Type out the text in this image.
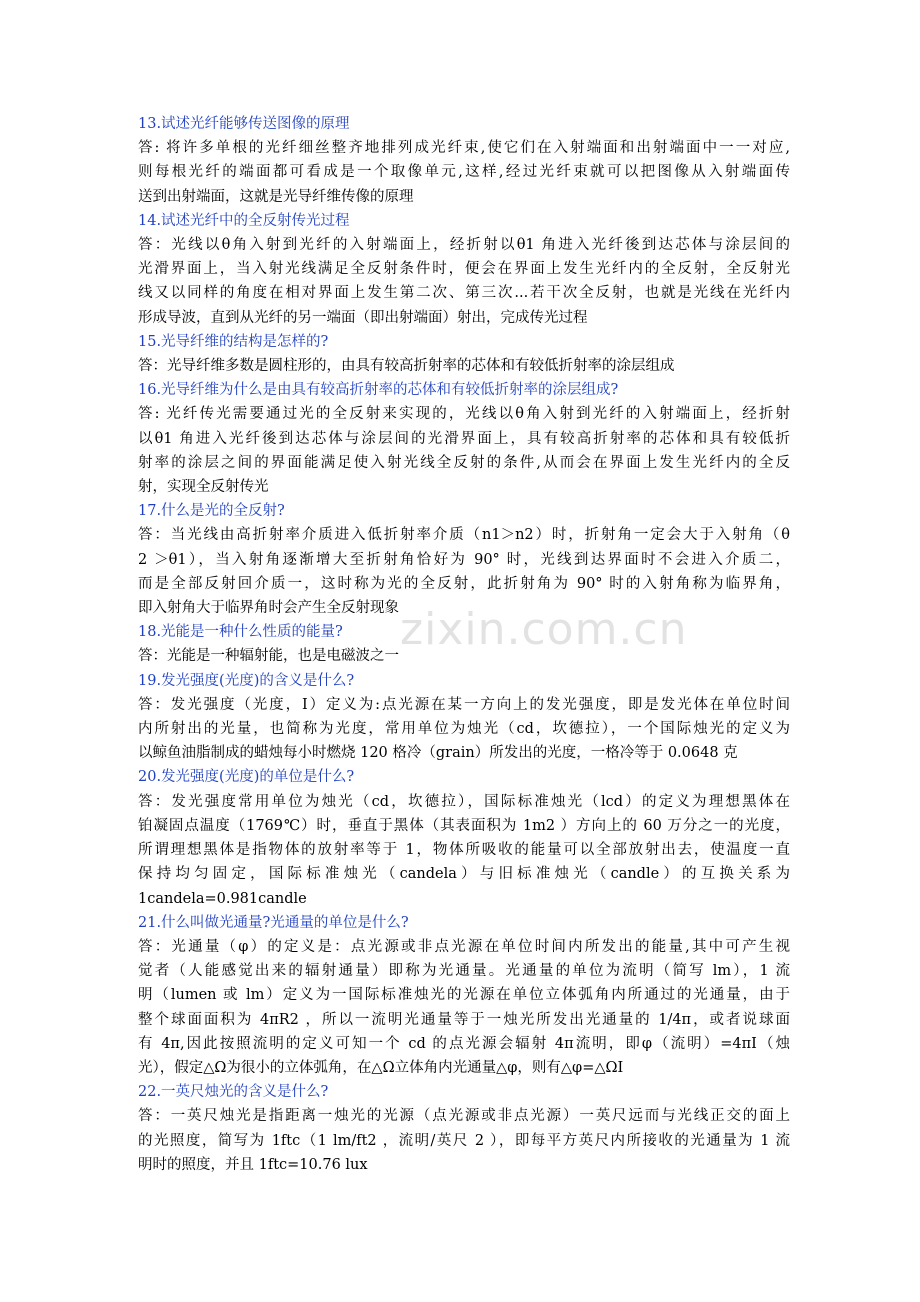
13.试述光纤能够传送图像的原理
答: 将许多单根的光纤细丝整齐地排列成光纤束,使它们在入射端面和出射端面中一一对应,
则每根光纤的端面都可看成是一个取像单元,这样,经过光纤束就可以把图像从入射端面传
送到出射端面，这就是光导纤维传像的原理
14.试述光纤中的全反射传光过程
答：光线以θ角入射到光纤的入射端面上，经折射以θ1 角进入光纤後到达芯体与涂层间的
光滑界面上，当入射光线满足全反射条件时，便会在界面上发生光纤内的全反射，全反射光
线又以同样的角度在相对界面上发生第二次、第三次...若干次全反射，也就是光线在光纤内
形成导波，直到从光纤的另一端面（即出射端面）射出，完成传光过程
15.光导纤维的结构是怎样的?
答：光导纤维多数是圆柱形的，由具有较高折射率的芯体和有较低折射率的涂层组成
16.光导纤维为什么是由具有较高折射率的芯体和有较低折射率的涂层组成?
答: 光纤传光需要通过光的全反射来实现的，光线以θ角入射到光纤的入射端面上，经折射
以θ1 角进入光纤後到达芯体与涂层间的光滑界面上，具有较高折射率的芯体和具有较低折
射率的涂层之间的界面能满足使入射光线全反射的条件,从而会在界面上发生光纤内的全反
射，实现全反射传光
17.什么是光的全反射?
答：当光线由高折射率介质进入低折射率介质（n1＞n2）时，折射角一定会大于入射角（θ
2 ＞θ1），当入射角逐渐增大至折射角恰好为 90° 时，光线到达界面时不会进入介质二，
而是全部反射回介质一，这时称为光的全反射，此折射角为 90° 时的入射角称为临界角，
即入射角大于临界角时会产生全反射现象
18.光能是一种什么性质的能量?
答：光能是一种辐射能，也是电磁波之一
19.发光强度(光度)的含义是什么?
答：发光强度（光度，I）定义为:点光源在某一方向上的发光强度，即是发光体在单位时间
内所射出的光量，也简称为光度，常用单位为烛光（cd，坎德拉），一个国际烛光的定义为
以鲸鱼油脂制成的蜡烛每小时燃烧 120 格冷（grain）所发出的光度，一格冷等于 0.0648 克
20.发光强度(光度)的单位是什么?
答：发光强度常用单位为烛光（cd，坎德拉），国际标准烛光（lcd）的定义为理想黑体在
铂凝固点温度（1769℃）时，垂直于黑体（其表面积为 1m2 ）方向上的 60 万分之一的光度，
所谓理想黑体是指物体的放射率等于 1，物体所吸收的能量可以全部放射出去，使温度一直
保持均匀固定，国际标准烛光（candela）与旧标准烛光（candle）的互换关系为
1candela=0.981candle
21.什么叫做光通量?光通量的单位是什么?
答：光通量（φ）的定义是：点光源或非点光源在单位时间内所发出的能量,其中可产生视
觉者（人能感觉出来的辐射通量）即称为光通量。光通量的单位为流明（简写 lm），1 流
明（lumen 或 lm）定义为一国际标准烛光的光源在单位立体弧角内所通过的光通量，由于
整个球面面积为 4πR2 ，所以一流明光通量等于一烛光所发出光通量的 1/4π，或者说球面
有 4π,因此按照流明的定义可知一个 cd 的点光源会辐射 4π流明，即φ（流明）=4πI（烛
光），假定△Ω为很小的立体弧角，在△Ω立体角内光通量△φ，则有△φ=△ΩI
22.一英尺烛光的含义是什么?
答：一英尺烛光是指距离一烛光的光源（点光源或非点光源）一英尺远而与光线正交的面上
的光照度，简写为 1ftc（1 lm/ft2 ，流明/英尺 2 ），即每平方英尺内所接收的光通量为 1 流
明时的照度，并且 1ftc=10.76 lux
zixin.com.cn
